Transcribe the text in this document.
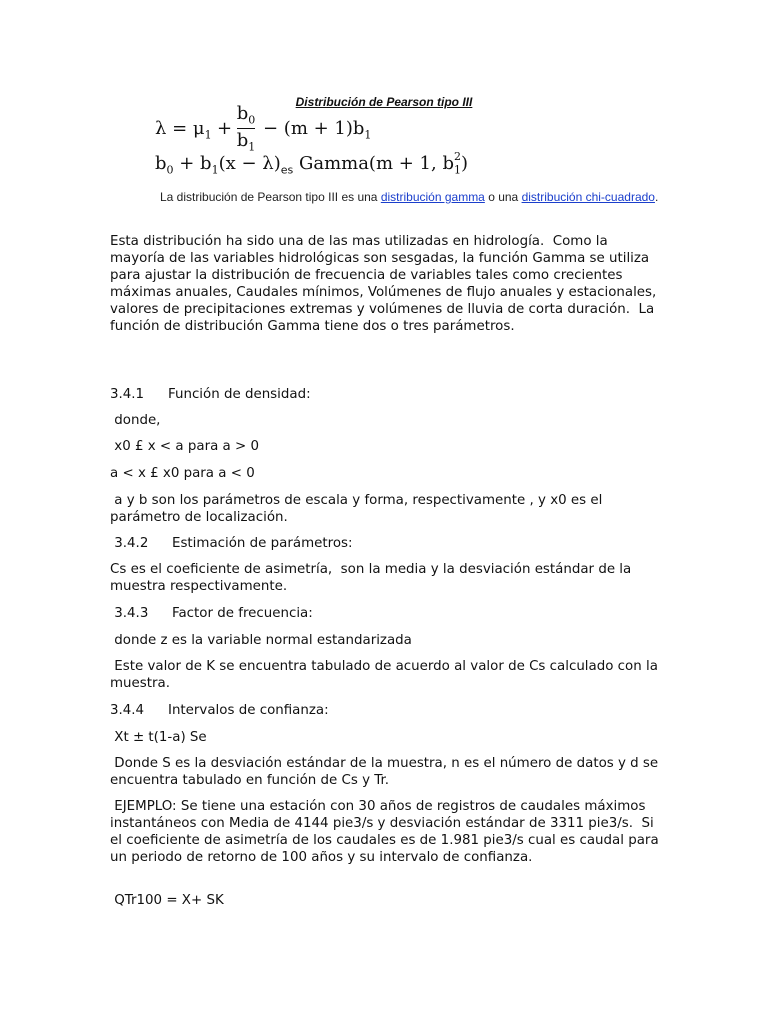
Distribución de Pearson tipo III
$\lambda = \mu_1$ +
$b_0$
$b_1$
− $(m + 1)b_1$
$b_0 + b_1(x - \lambda)_{es}$ Gamma(m + 1, $b_1^2$)
La distribución de Pearson tipo III es una distribución gamma o una distribución chi-cuadrado.
Esta distribución ha sido una de las mas utilizadas en hidrología.  Como la mayoría de las variables hidrológicas son sesgadas, la función Gamma se utiliza para ajustar la distribución de frecuencia de variables tales como crecientes máximas anuales, Caudales mínimos, Volúmenes de flujo anuales y estacionales, valores de precipitaciones extremas y volúmenes de lluvia de corta duración.  La función de distribución Gamma tiene dos o tres parámetros.
3.4.1 Función de densidad:
donde,
x0 £ x < a para a > 0
a < x £ x0 para a < 0
a y b son los parámetros de escala y forma, respectivamente , y x0 es el parámetro de localización.
3.4.2 Estimación de parámetros:
Cs es el coeficiente de asimetría,  son la media y la desviación estándar de la muestra respectivamente.
3.4.3 Factor de frecuencia:
donde z es la variable normal estandarizada
Este valor de K se encuentra tabulado de acuerdo al valor de Cs calculado con la muestra.
3.4.4 Intervalos de confianza:
Xt ± t(1-a) Se
Donde S es la desviación estándar de la muestra, n es el número de datos y d se encuentra tabulado en función de Cs y Tr.
EJEMPLO: Se tiene una estación con 30 años de registros de caudales máximos instantáneos con Media de 4144 pie3/s y desviación estándar de 3311 pie3/s.  Si el coeficiente de asimetría de los caudales es de 1.981 pie3/s cual es caudal para un periodo de retorno de 100 años y su intervalo de confianza.
QTr100 = X+ SK
